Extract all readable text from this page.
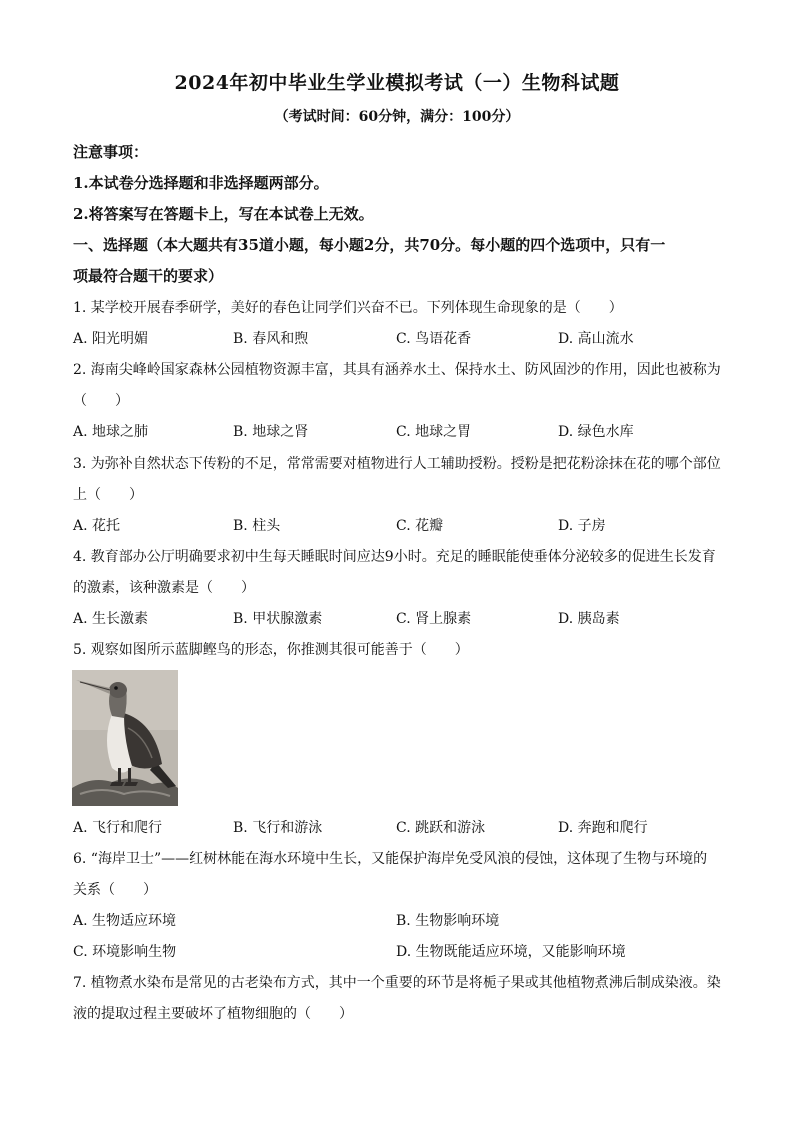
2024年初中毕业生学业模拟考试（一）生物科试题
（考试时间：60分钟，满分：100分）
注意事项：
1.本试卷分选择题和非选择题两部分。
2.将答案写在答题卡上，写在本试卷上无效。
一、选择题（本大题共有35道小题，每小题2分，共70分。每小题的四个选项中，只有一
项最符合题干的要求）
1. 某学校开展春季研学，美好的春色让同学们兴奋不已。下列体现生命现象的是（　　）
A. 阳光明媚	B. 春风和煦	C. 鸟语花香	D. 高山流水
2. 海南尖峰岭国家森林公园植物资源丰富，其具有涵养水土、保持水土、防风固沙的作用，因此也被称为
（　　）
A. 地球之肺	B. 地球之肾	C. 地球之胃	D. 绿色水库
3. 为弥补自然状态下传粉的不足，常常需要对植物进行人工辅助授粉。授粉是把花粉涂抹在花的哪个部位
上（　　）
A. 花托	B. 柱头	C. 花瓣	D. 子房
4. 教育部办公厅明确要求初中生每天睡眠时间应达9小时。充足的睡眠能使垂体分泌较多的促进生长发育
的激素，该种激素是（　　）
A. 生长激素	B. 甲状腺激素	C. 肾上腺素	D. 胰岛素
5. 观察如图所示蓝脚鲣鸟的形态，你推测其很可能善于（　　）
A. 飞行和爬行	B. 飞行和游泳	C. 跳跃和游泳	D. 奔跑和爬行
6. “海岸卫士”——红树林能在海水环境中生长，又能保护海岸免受风浪的侵蚀，这体现了生物与环境的
关系（　　）
A. 生物适应环境	B. 生物影响环境
C. 环境影响生物	D. 生物既能适应环境，又能影响环境
7. 植物煮水染布是常见的古老染布方式，其中一个重要的环节是将栀子果或其他植物煮沸后制成染液。染
液的提取过程主要破坏了植物细胞的（　　）
